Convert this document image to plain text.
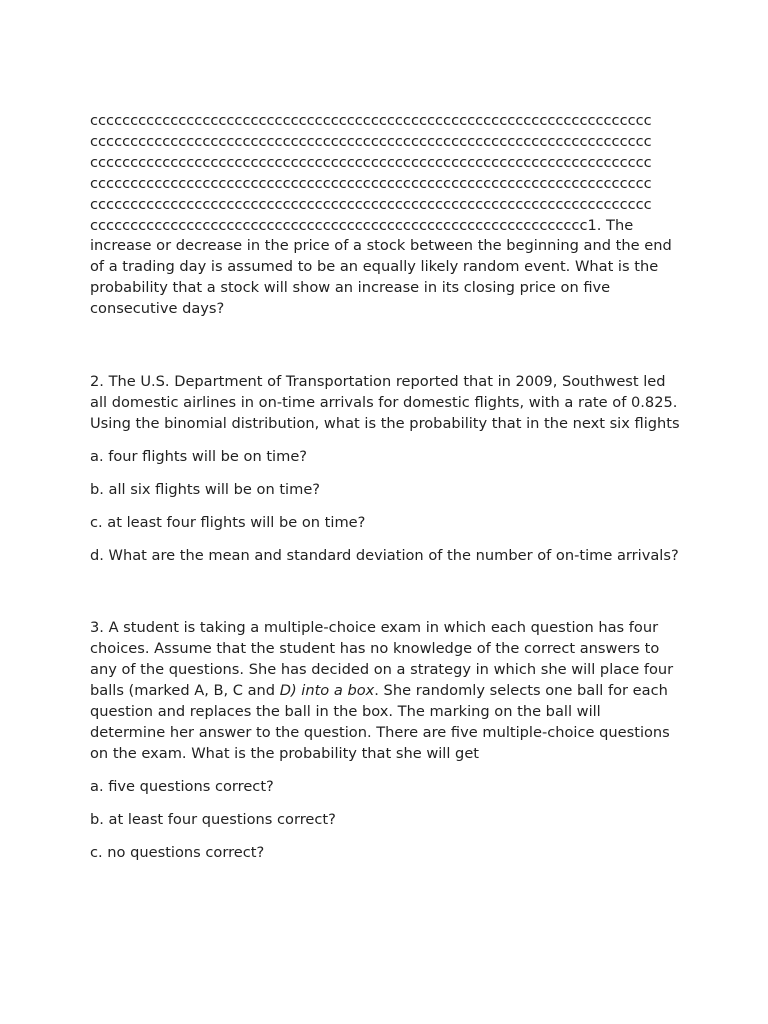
cccccccccccccccccccccccccccccccccccccccccccccccccccccccccccccccccccccc
cccccccccccccccccccccccccccccccccccccccccccccccccccccccccccccccccccccc
cccccccccccccccccccccccccccccccccccccccccccccccccccccccccccccccccccccc
cccccccccccccccccccccccccccccccccccccccccccccccccccccccccccccccccccccc
cccccccccccccccccccccccccccccccccccccccccccccccccccccccccccccccccccccc
cccccccccccccccccccccccccccccccccccccccccccccccccccccccccccccc1. The increase or decrease in the price of a stock between the beginning and the end of a trading day is assumed to be an equally likely random event. What is the probability that a stock will show an increase in its closing price on five consecutive days?

2. The U.S. Department of Transportation reported that in 2009, Southwest led all domestic airlines in on-time arrivals for domestic flights, with a rate of 0.825. Using the binomial distribution, what is the probability that in the next six flights

a. four flights will be on time?

b. all six flights will be on time?

c. at least four flights will be on time?

d. What are the mean and standard deviation of the number of on-time arrivals?

3. A student is taking a multiple-choice exam in which each question has four choices. Assume that the student has no knowledge of the correct answers to any of the questions. She has decided on a strategy in which she will place four balls (marked A, B, C and D) into a box. She randomly selects one ball for each question and replaces the ball in the box. The marking on the ball will determine her answer to the question. There are five multiple-choice questions on the exam. What is the probability that she will get

a. five questions correct?

b. at least four questions correct?

c. no questions correct?
